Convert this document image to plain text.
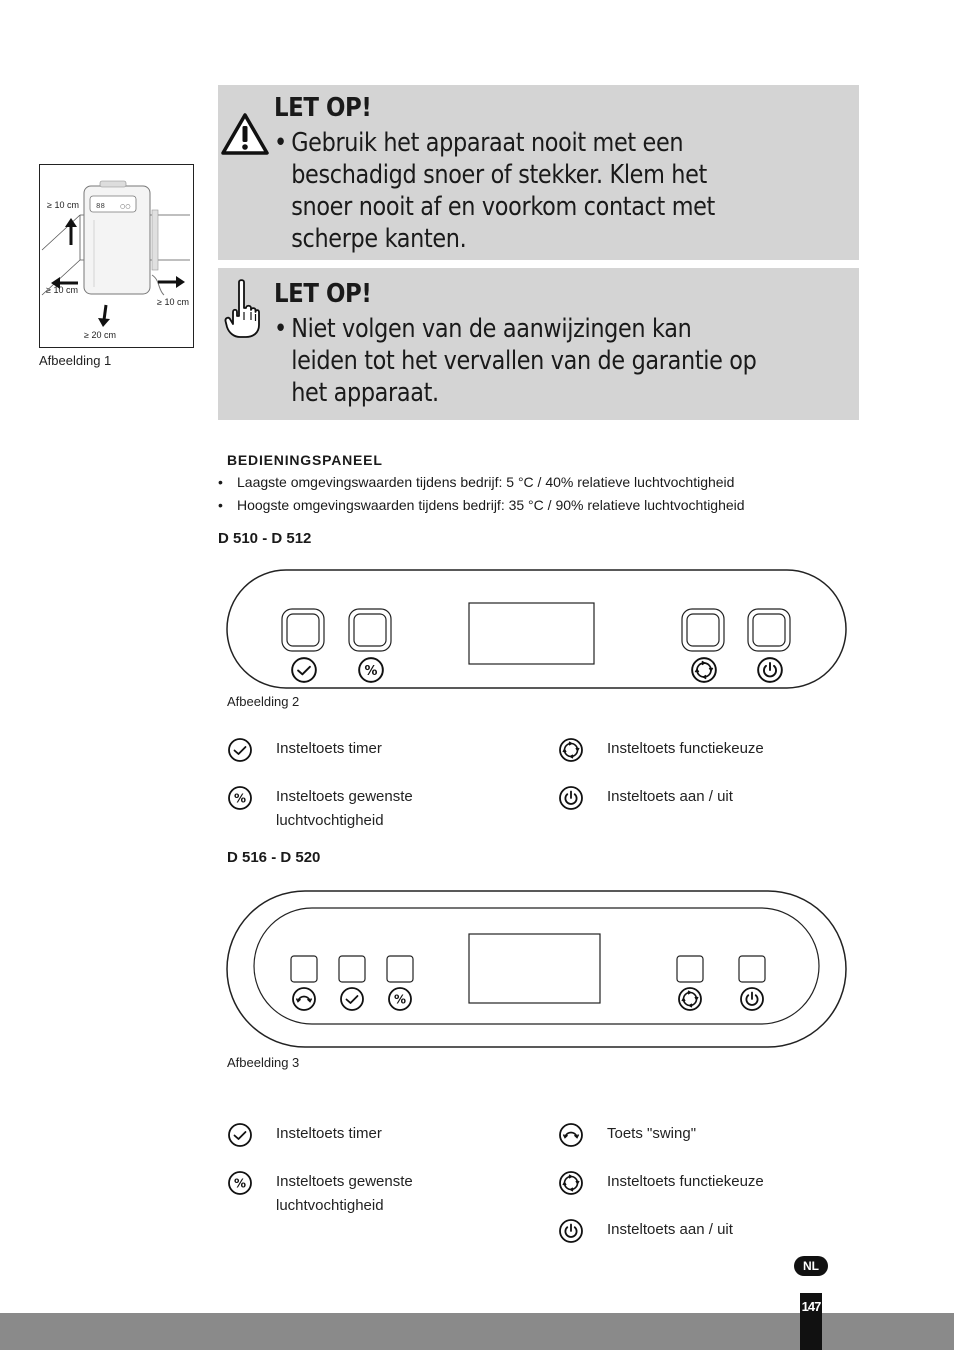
88	○○
≥ 10 cm
≥ 10 cm
≥ 10 cm
≥ 20 cm
Afbeelding 1
LET OP!
• Gebruik het apparaat nooit met een
beschadigd snoer of stekker. Klem het
snoer nooit af en voorkom contact met
scherpe kanten.
LET OP!
• Niet volgen van de aanwijzingen kan
leiden tot het vervallen van de garantie op
het apparaat.
BEDIENINGSPANEEL
• Laagste omgevingswaarden tijdens bedrijf: 5 °C / 40% relatieve luchtvochtigheid
• Hoogste omgevingswaarden tijdens bedrijf: 35 °C / 90% relatieve luchtvochtigheid
D 510 - D 512
Afbeelding 2
Insteltoets timer
Insteltoets gewenste
luchtvochtigheid
Insteltoets functiekeuze
Insteltoets aan / uit
D 516 - D 520
Afbeelding 3
Insteltoets timer
Insteltoets gewenste
luchtvochtigheid
Toets "swing"
Insteltoets functiekeuze
Insteltoets aan / uit
NL
147
